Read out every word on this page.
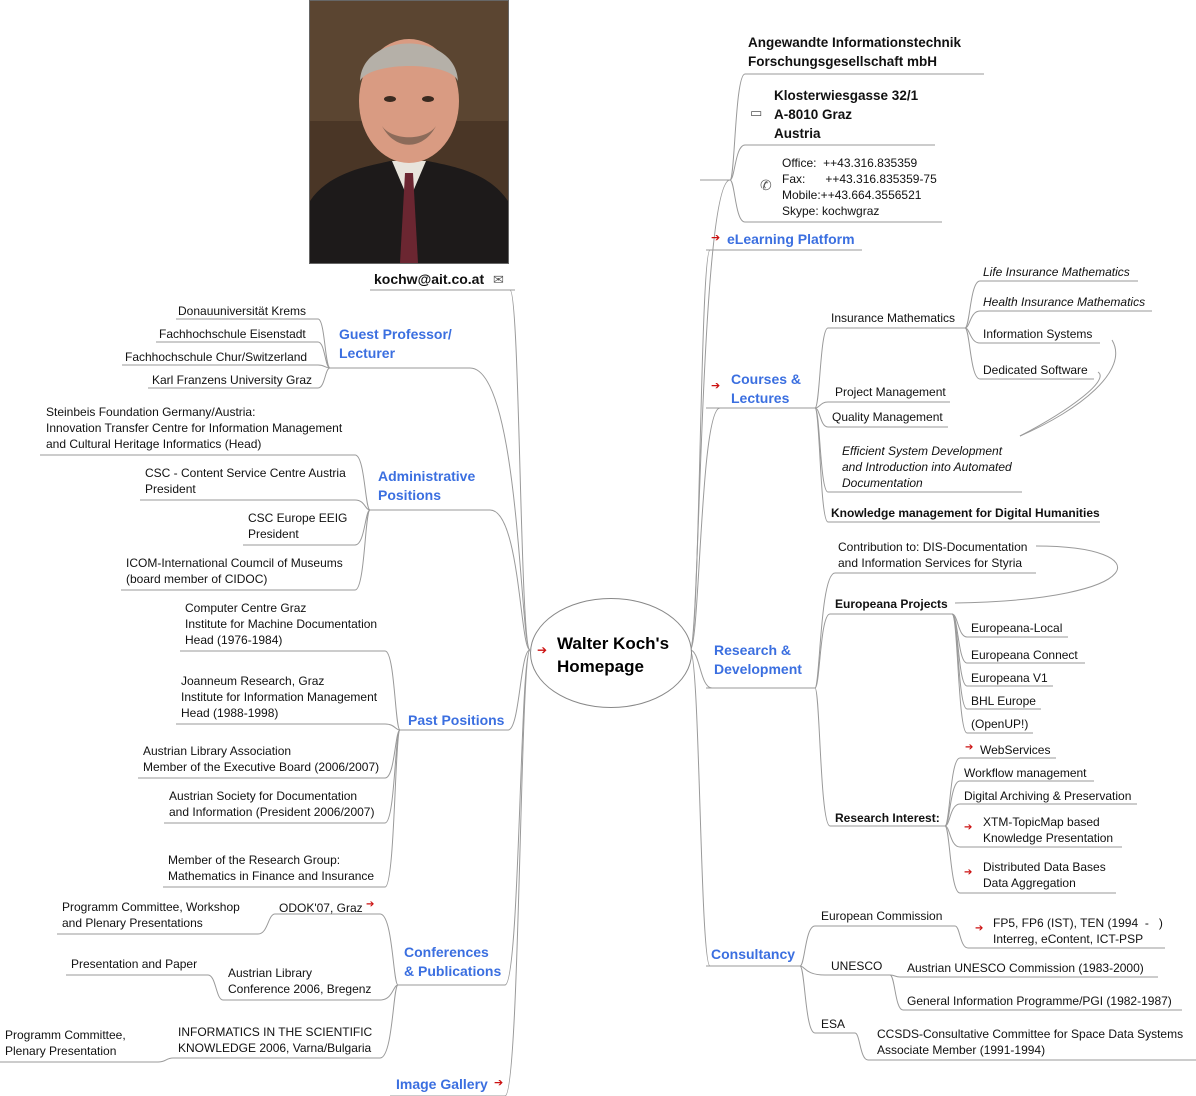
kochw@ait.co.at ✉
➔ Walter Koch's
Homepage
Angewandte Informationstechnik
Forschungsgesellschaft mbH
▭
Klosterwiesgasse 32/1
A-8010 Graz
Austria
✆
Office:  ++43.316.835359
Fax:      ++43.316.835359-75
Mobile:++43.664.3556521
Skype: kochwgraz
➔ eLearning Platform
➔ Courses &
Lectures
Insurance Mathematics
Life Insurance Mathematics
Health Insurance Mathematics
Information Systems
Dedicated Software
Project Management
Quality Management
Efficient System Development
and Introduction into Automated
Documentation
Knowledge management for Digital Humanities
Research &
Development
Contribution to: DIS-Documentation
and Information Services for Styria
Europeana Projects
Europeana-Local
Europeana Connect
Europeana V1
BHL Europe
(OpenUP!)
Research Interest:
➔ WebServices
Workflow management
Digital Archiving & Preservation
➔ XTM-TopicMap based
Knowledge Presentation
➔ Distributed Data Bases
Data Aggregation
Consultancy
European Commission
➔ FP5, FP6 (IST), TEN (1994  -   )
Interreg, eContent, ICT-PSP
UNESCO Austrian UNESCO Commission (1983-2000)
General Information Programme/PGI (1982-1987)
ESA
CCSDS-Consultative Committee for Space Data Systems
Associate Member (1991-1994)
Guest Professor/
Lecturer
Donauuniversität Krems
Fachhochschule Eisenstadt
Fachhochschule Chur/Switzerland
Karl Franzens University Graz
Administrative
Positions
Steinbeis Foundation Germany/Austria:
Innovation Transfer Centre for Information Management
and Cultural Heritage Informatics (Head)
CSC - Content Service Centre Austria
President
CSC Europe EEIG
President
ICOM-International Coumcil of Museums
(board member of CIDOC)
Past Positions
Computer Centre Graz
Institute for Machine Documentation
Head (1976-1984)
Joanneum Research, Graz
Institute for Information Management
Head (1988-1998)
Austrian Library Association
Member of the Executive Board (2006/2007)
Austrian Society for Documentation
and Information (President 2006/2007)
Member of the Research Group:
Mathematics in Finance and Insurance
Conferences
& Publications
ODOK'07, Graz ➔
Programm Committee, Workshop
and Plenary Presentations
Austrian Library
Conference 2006, Bregenz
Presentation and Paper
INFORMATICS IN THE SCIENTIFIC
KNOWLEDGE 2006, Varna/Bulgaria
Programm Committee,
Plenary Presentation
Image Gallery ➔
